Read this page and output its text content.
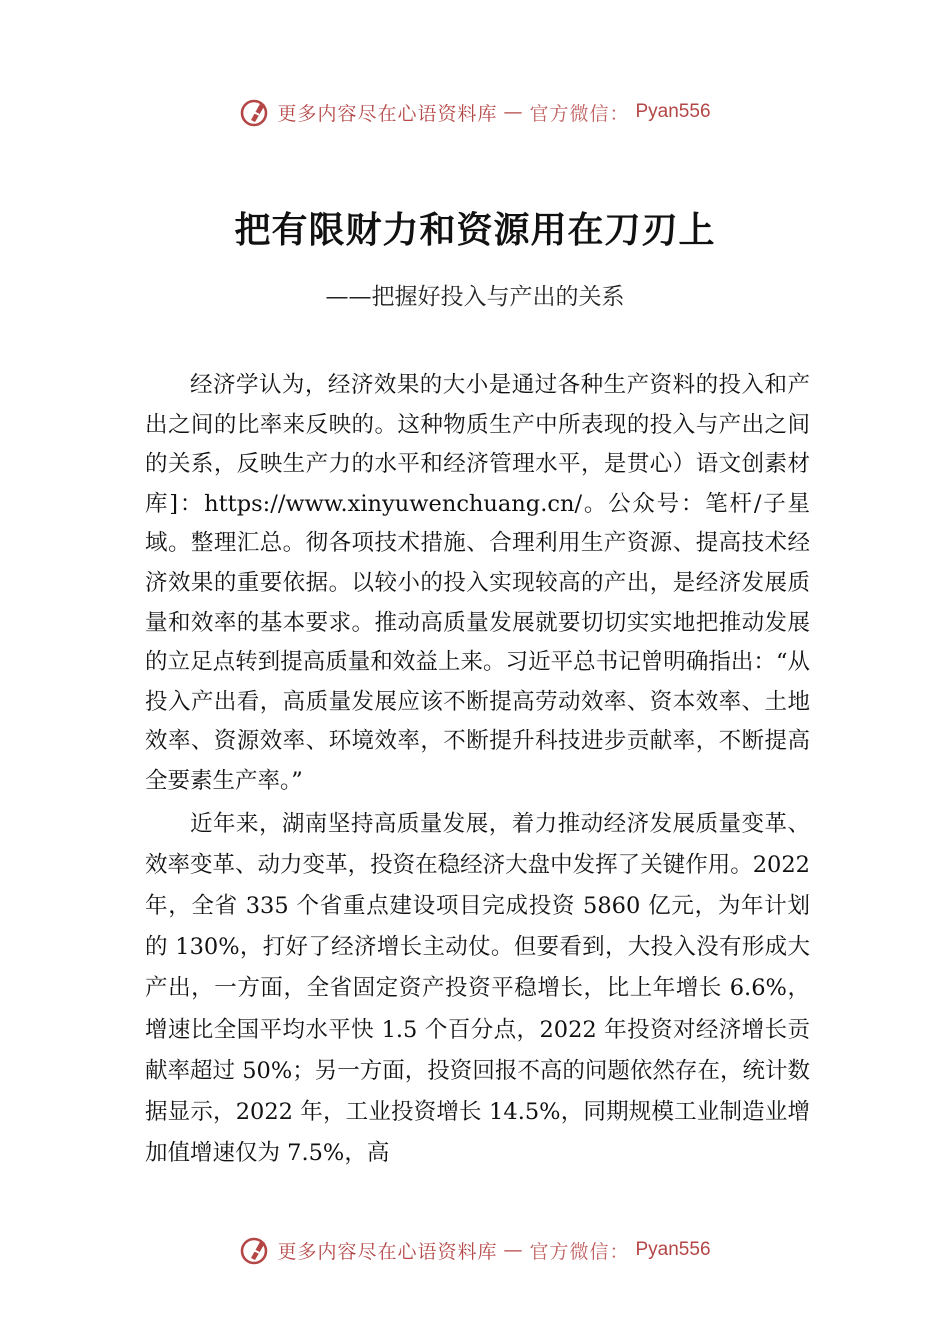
更多内容尽在心语资料库 — 官方微信： Pyan556
把有限财力和资源用在刀刃上
——把握好投入与产出的关系

经济学认为，经济效果的大小是通过各种生产资料的投入和产出之间的比率来反映的。这种物质生产中所表现的投入与产出之间的关系，反映生产力的水平和经济管理水平，是贯心）语文创素材库]：https://www.xinyuwenchuang.cn/。公众号：笔杆/子星域。整理汇总。彻各项技术措施、合理利用生产资源、提高技术经济效果的重要依据。以较小的投入实现较高的产出，是经济发展质量和效率的基本要求。推动高质量发展就要切切实实地把推动发展的立足点转到提高质量和效益上来。习近平总书记曾明确指出：“从投入产出看，高质量发展应该不断提高劳动效率、资本效率、土地效率、资源效率、环境效率，不断提升科技进步贡献率，不断提高全要素生产率。”

近年来，湖南坚持高质量发展，着力推动经济发展质量变革、效率变革、动力变革，投资在稳经济大盘中发挥了关键作用。2022 年，全省 335 个省重点建设项目完成投资 5860 亿元，为年计划的 130%，打好了经济增长主动仗。但要看到，大投入没有形成大产出，一方面，全省固定资产投资平稳增长，比上年增长 6.6%，增速比全国平均水平快 1.5 个百分点，2022 年投资对经济增长贡献率超过 50%；另一方面，投资回报不高的问题依然存在，统计数据显示，2022 年，工业投资增长 14.5%，同期规模工业制造业增加值增速仅为 7.5%，高

更多内容尽在心语资料库 — 官方微信： Pyan556
